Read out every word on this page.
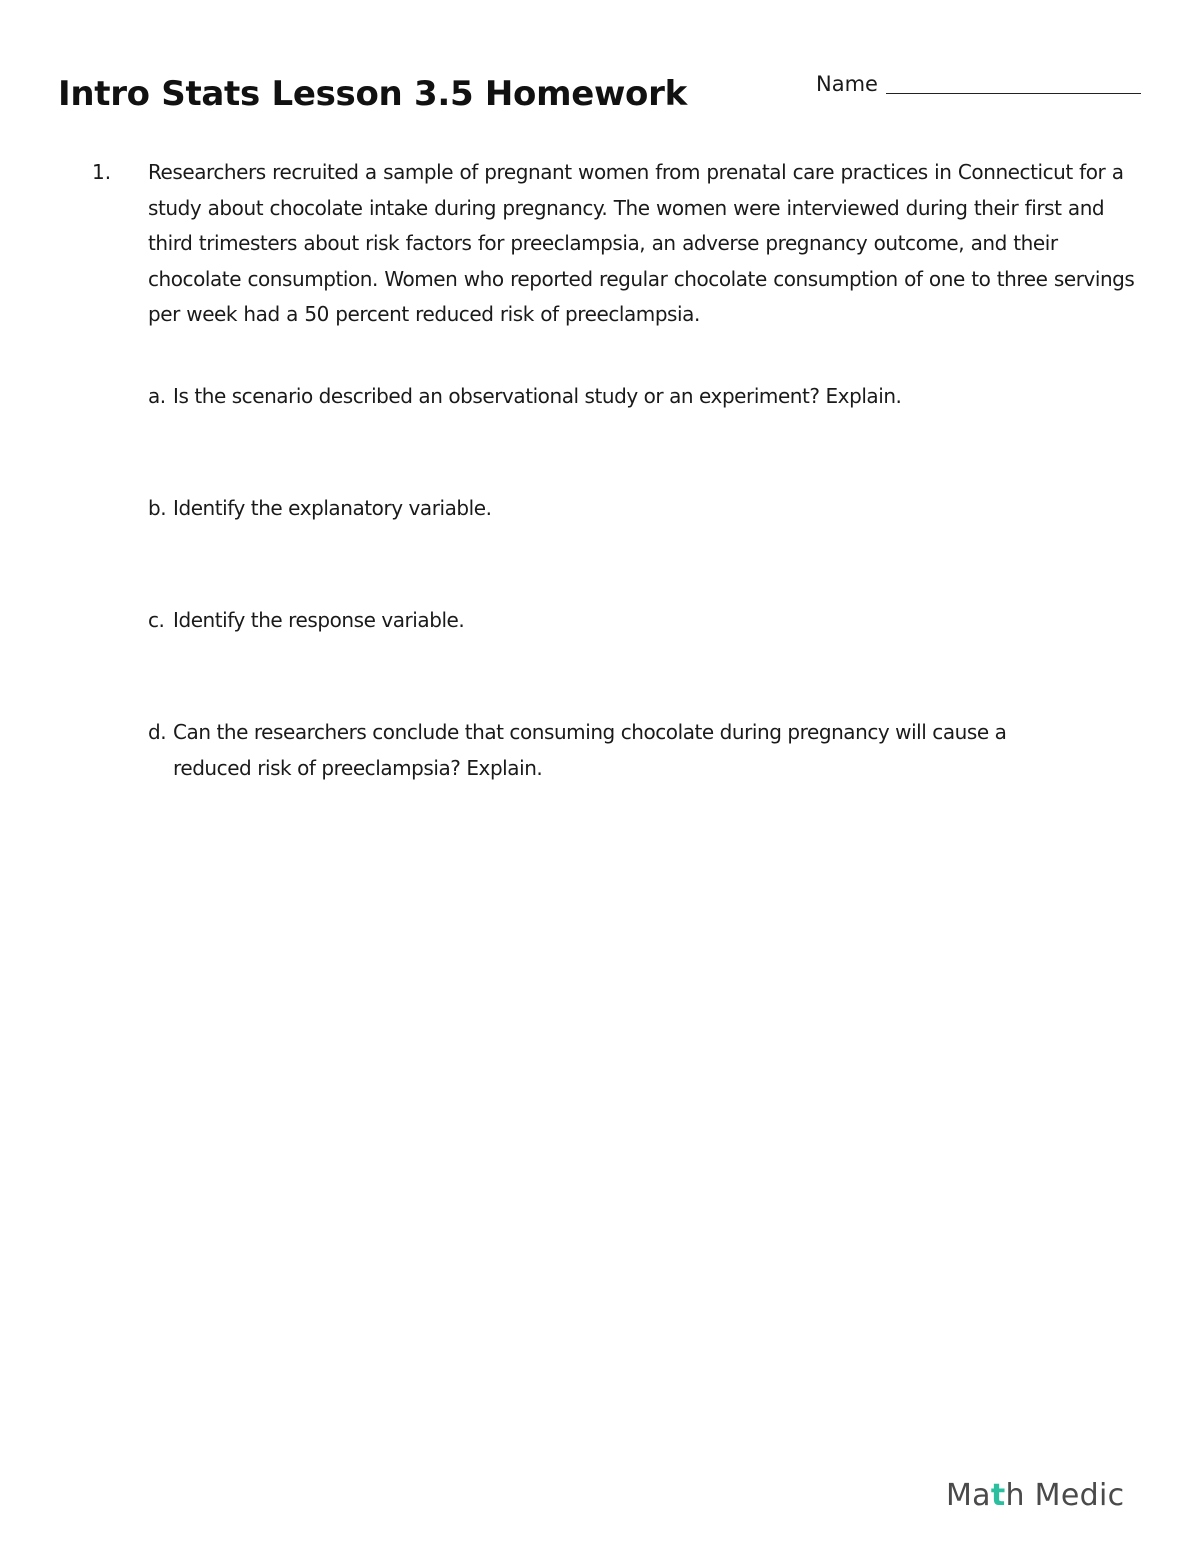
Intro Stats Lesson 3.5 Homework	Name
1. Researchers recruited a sample of pregnant women from prenatal care practices in Connecticut for a study about chocolate intake during pregnancy. The women were interviewed during their first and third trimesters about risk factors for preeclampsia, an adverse pregnancy outcome, and their chocolate consumption. Women who reported regular chocolate consumption of one to three servings per week had a 50 percent reduced risk of preeclampsia.

a. Is the scenario described an observational study or an experiment? Explain.
b. Identify the explanatory variable.
c. Identify the response variable.
d. Can the researchers conclude that consuming chocolate during pregnancy will cause a reduced risk of preeclampsia? Explain.
Math Medic
